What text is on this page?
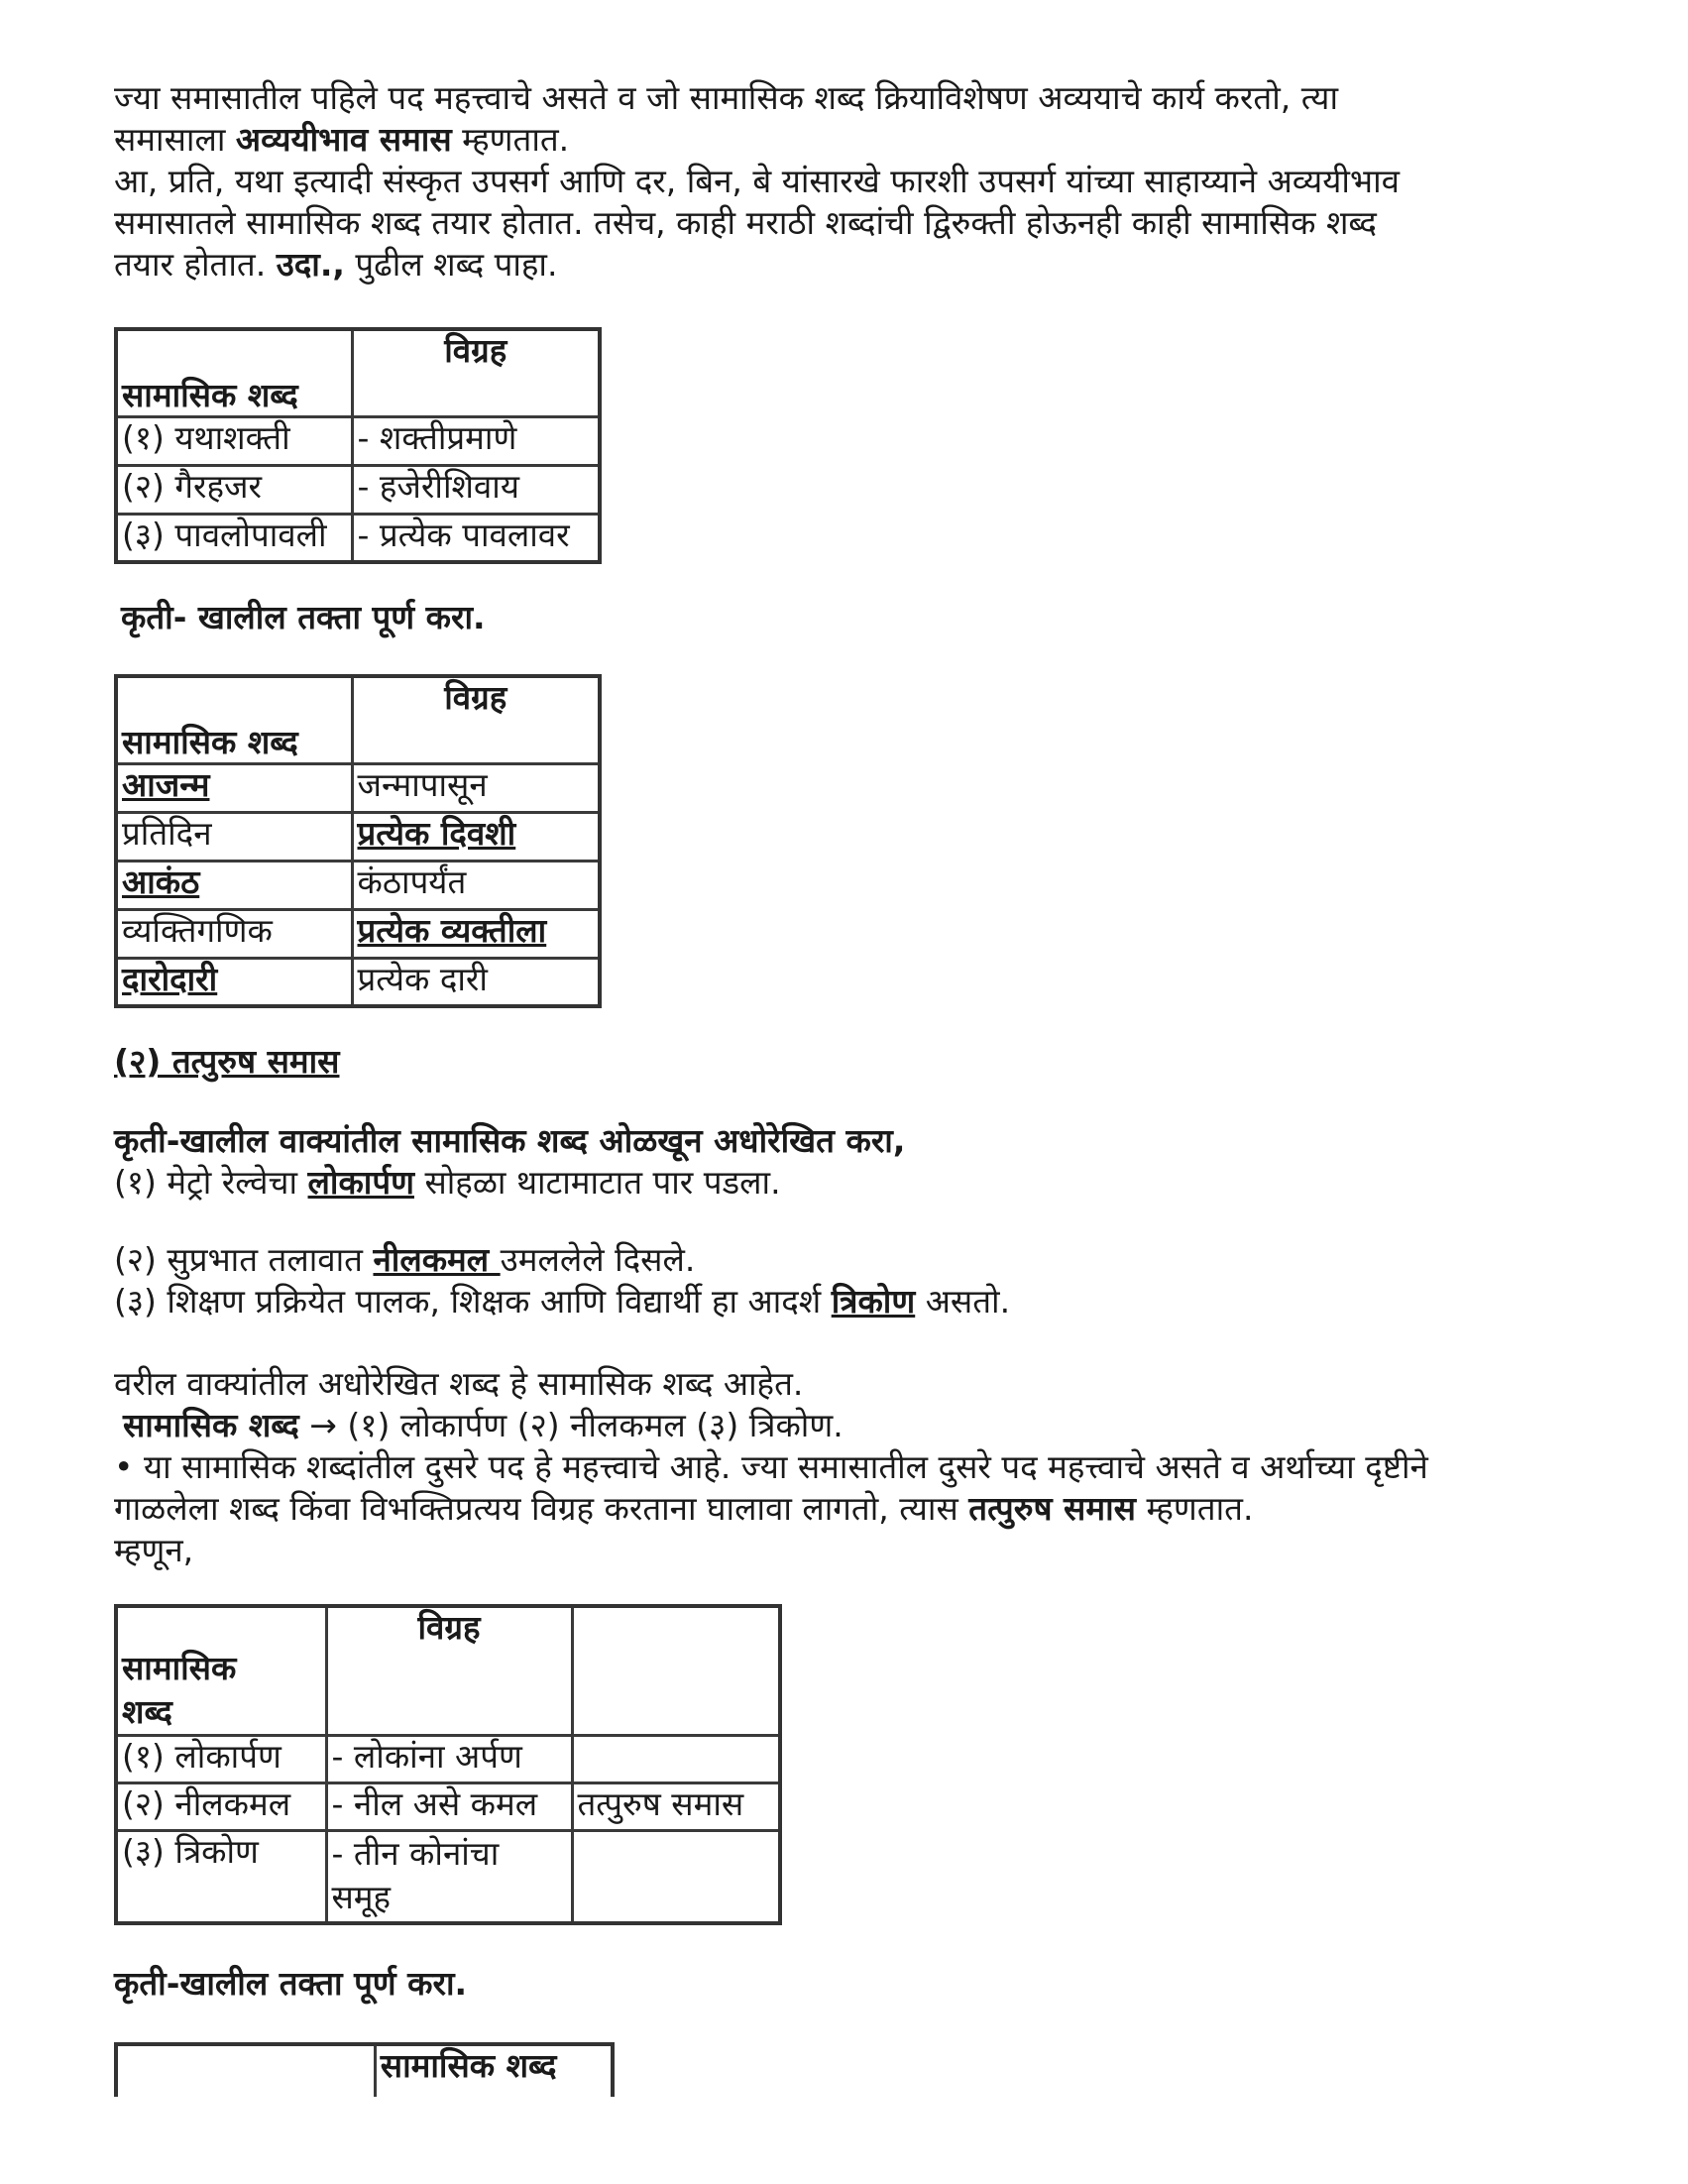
ज्या समासातील पहिले पद महत्त्वाचे असते व जो सामासिक शब्द क्रियाविशेषण अव्ययाचे कार्य करतो, त्या

समासाला अव्ययीभाव समास म्हणतात.

आ, प्रति, यथा इत्यादी संस्कृत उपसर्ग आणि दर, बिन, बे यांसारखे फारशी उपसर्ग यांच्या साहाय्याने अव्ययीभाव

समासातले सामासिक शब्द तयार होतात. तसेच, काही मराठी शब्दांची द्विरुक्ती होऊनही काही सामासिक शब्द

तयार होतात. उदा., पुढील शब्द पाहा.

सामासिक शब्द	विग्रह
(१) यथाशक्ती	- शक्तीप्रमाणे
(२) गैरहजर	- हजेरीशिवाय
(३) पावलोपावली	- प्रत्येक पावलावर
कृती- खालील तक्ता पूर्ण करा.
सामासिक शब्द	विग्रह
आजन्म	जन्मापासून
प्रतिदिन	प्रत्येक दिवशी
आकंठ	कंठापर्यंत
व्यक्तिगणिक	प्रत्येक व्यक्तीला
दारोदारी	प्रत्येक दारी
(२) तत्पुरुष समास

कृती-खालील वाक्यांतील सामासिक शब्द ओळखून अधोरेखित करा,

(१) मेट्रो रेल्वेचा लोकार्पण सोहळा थाटामाटात पार पडला.

(२) सुप्रभात तलावात नीलकमल उमललेले दिसले.

(३) शिक्षण प्रक्रियेत पालक, शिक्षक आणि विद्यार्थी हा आदर्श त्रिकोण असतो.

वरील वाक्यांतील अधोरेखित शब्द हे सामासिक शब्द आहेत.

सामासिक शब्द → (१) लोकार्पण (२) नीलकमल (३) त्रिकोण.

• या सामासिक शब्दांतील दुसरे पद हे महत्त्वाचे आहे. ज्या समासातील दुसरे पद महत्त्वाचे असते व अर्थाच्या दृष्टीने

गाळलेला शब्द किंवा विभक्तिप्रत्यय विग्रह करताना घालावा लागतो, त्यास तत्पुरुष समास म्हणतात.

म्हणून,

सामासिक
शब्द	विग्रह	
(१) लोकार्पण	- लोकांना अर्पण	
(२) नीलकमल	- नील असे कमल	तत्पुरुष समास
(३) त्रिकोण	- तीन कोनांचा
समूह	
कृती-खालील तक्ता पूर्ण करा.
	सामासिक शब्द
